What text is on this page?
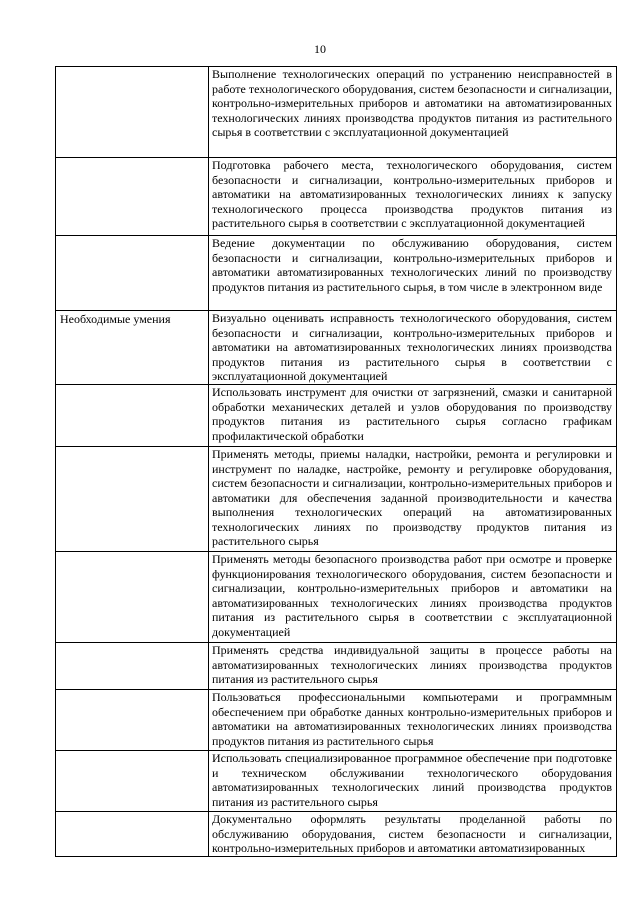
10

	Выполнение технологических операций по устранению неисправностей в работе технологического оборудования, систем безопасности и сигнализации, контрольно-измерительных приборов и автоматики на автоматизированных технологических линиях производства продуктов питания из растительного сырья в соответствии с эксплуатационной документацией

	Подготовка рабочего места, технологического оборудования, систем безопасности и сигнализации, контрольно-измерительных приборов и автоматики на автоматизированных технологических линиях к запуску технологического процесса производства продуктов питания из растительного сырья в соответствии с эксплуатационной документацией

	Ведение документации по обслуживанию оборудования, систем безопасности и сигнализации, контрольно-измерительных приборов и автоматики автоматизированных технологических линий по производству продуктов питания из растительного сырья, в том числе в электронном виде

Необходимые умения	Визуально оценивать исправность технологического оборудования, систем безопасности и сигнализации, контрольно-измерительных приборов и автоматики на автоматизированных технологических линиях производства продуктов питания из растительного сырья в соответствии с эксплуатационной документацией

	Использовать инструмент для очистки от загрязнений, смазки и санитарной обработки механических деталей и узлов оборудования по производству продуктов питания из растительного сырья согласно графикам профилактической обработки

	Применять методы, приемы наладки, настройки, ремонта и регулировки и инструмент по наладке, настройке, ремонту и регулировке оборудования, систем безопасности и сигнализации, контрольно-измерительных приборов и автоматики для обеспечения заданной производительности и качества выполнения технологических операций на автоматизированных технологических линиях по производству продуктов питания из растительного сырья

	Применять методы безопасного производства работ при осмотре и проверке функционирования технологического оборудования, систем безопасности и сигнализации, контрольно-измерительных приборов и автоматики на автоматизированных технологических линиях производства продуктов питания из растительного сырья в соответствии с эксплуатационной документацией

	Применять средства индивидуальной защиты в процессе работы на автоматизированных технологических линиях производства продуктов питания из растительного сырья

	Пользоваться профессиональными компьютерами и программным обеспечением при обработке данных контрольно-измерительных приборов и автоматики на автоматизированных технологических линиях производства продуктов питания из растительного сырья

	Использовать специализированное программное обеспечение при подготовке и техническом обслуживании технологического оборудования автоматизированных технологических линий производства продуктов питания из растительного сырья

	Документально оформлять результаты проделанной работы по обслуживанию оборудования, систем безопасности и сигнализации, контрольно-измерительных приборов и автоматики автоматизированных
